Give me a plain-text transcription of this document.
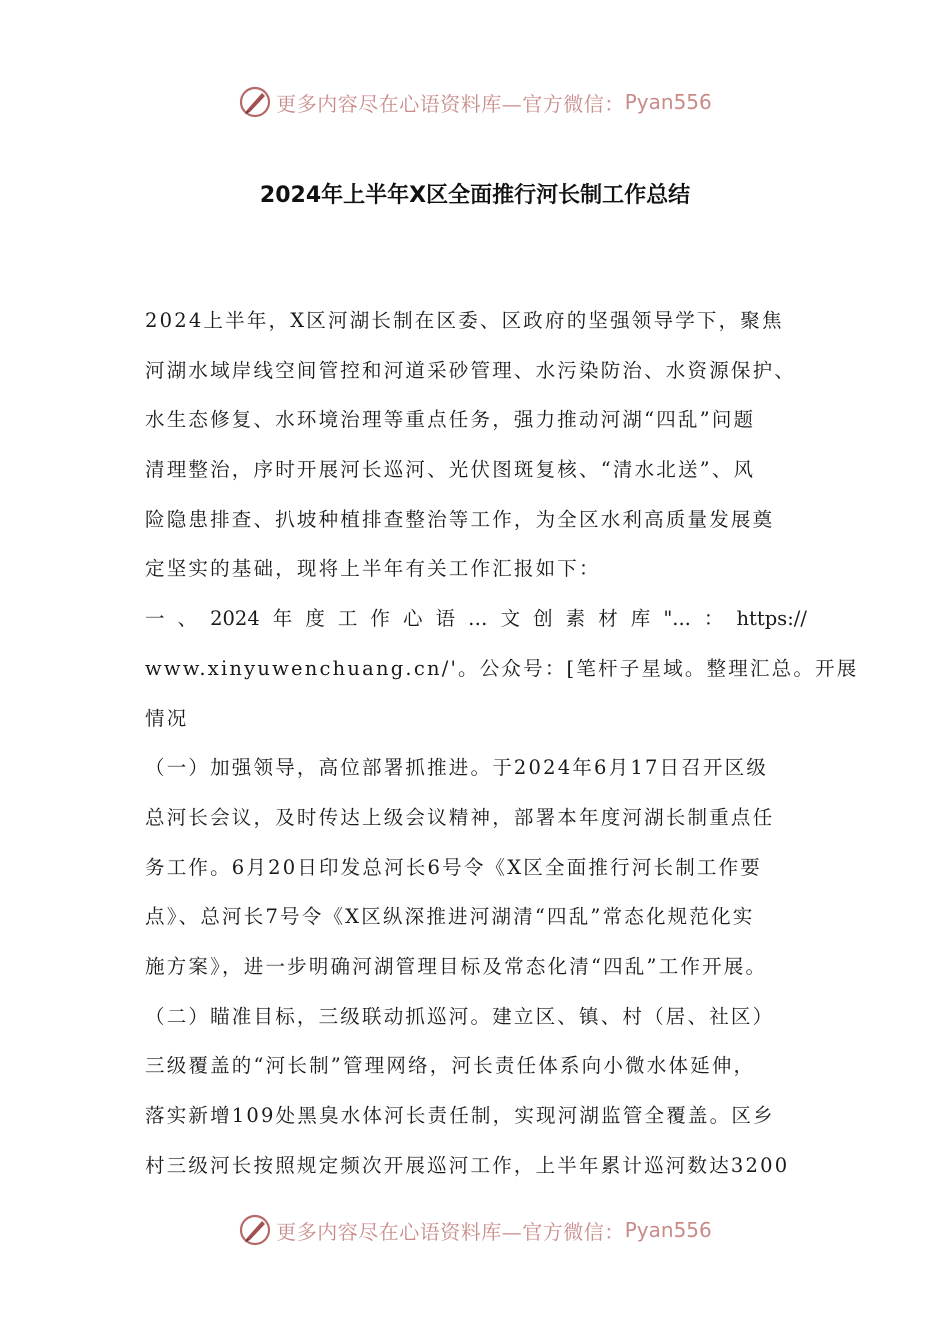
更多内容尽在心语资料库—官方微信： Pyan556
2024年上半年X区全面推行河长制工作总结
2024上半年，X区河湖长制在区委、区政府的坚强领导学下，聚焦
河湖水域岸线空间管控和河道采砂管理、水污染防治、水资源保护、
水生态修复、水环境治理等重点任务，强力推动河湖“四乱”问题
清理整治，序时开展河长巡河、光伏图斑复核、“清水北送”、风
险隐患排查、扒坡种植排查整治等工作，为全区水利高质量发展奠
定坚实的基础，现将上半年有关工作汇报如下：
一 、 2024 年 度 工 作 心 语 … 文 创 素 材 库 "... ： https://
www.xinyuwenchuang.cn/'。公众号：[笔杆子星域。整理汇总。开展
情况
（一）加强领导，高位部署抓推进。于2024年6月17日召开区级
总河长会议，及时传达上级会议精神，部署本年度河湖长制重点任
务工作。6月20日印发总河长6号令《X区全面推行河长制工作要
点》、总河长7号令《X区纵深推进河湖清“四乱”常态化规范化实
施方案》，进一步明确河湖管理目标及常态化清“四乱”工作开展。
（二）瞄准目标，三级联动抓巡河。建立区、镇、村（居、社区）
三级覆盖的“河长制”管理网络，河长责任体系向小微水体延伸，
落实新增109处黑臭水体河长责任制，实现河湖监管全覆盖。区乡
村三级河长按照规定频次开展巡河工作，上半年累计巡河数达3200
更多内容尽在心语资料库—官方微信： Pyan556
